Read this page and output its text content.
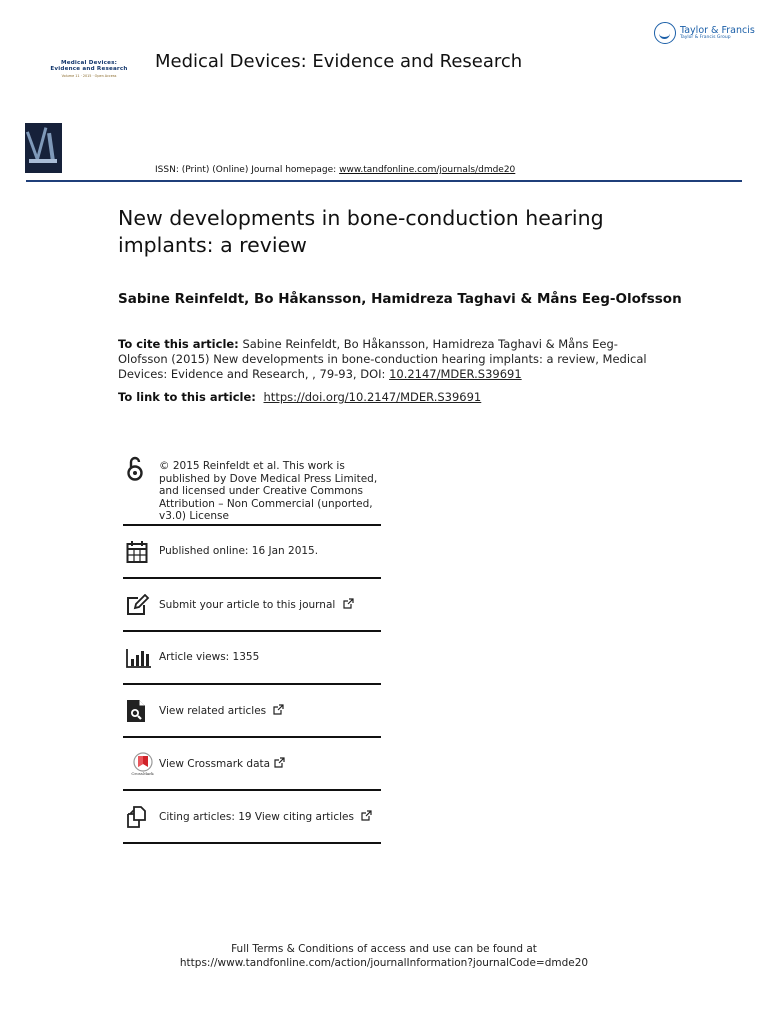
Taylor & Francis
Taylor & Francis Group
Medical Devices:
Evidence and Research
Volume 11 · 2015 · Open Access
Medical Devices: Evidence and Research
ISSN: (Print) (Online) Journal homepage: www.tandfonline.com/journals/dmde20
New developments in bone-conduction hearing implants: a review
Sabine Reinfeldt, Bo Håkansson, Hamidreza Taghavi & Måns Eeg-Olofsson
To cite this article: Sabine Reinfeldt, Bo Håkansson, Hamidreza Taghavi & Måns Eeg-Olofsson (2015) New developments in bone-conduction hearing implants: a review, Medical Devices: Evidence and Research, , 79-93, DOI: 10.2147/MDER.S39691
To link to this article: https://doi.org/10.2147/MDER.S39691
© 2015 Reinfeldt et al. This work is published by Dove Medical Press Limited, and licensed under Creative Commons Attribution – Non Commercial (unported, v3.0) License
Published online: 16 Jan 2015.
Submit your article to this journal
Article views: 1355
View related articles
CrossMark
View Crossmark data
Citing articles: 19 View citing articles
Full Terms & Conditions of access and use can be found at
https://www.tandfonline.com/action/journalInformation?journalCode=dmde20
